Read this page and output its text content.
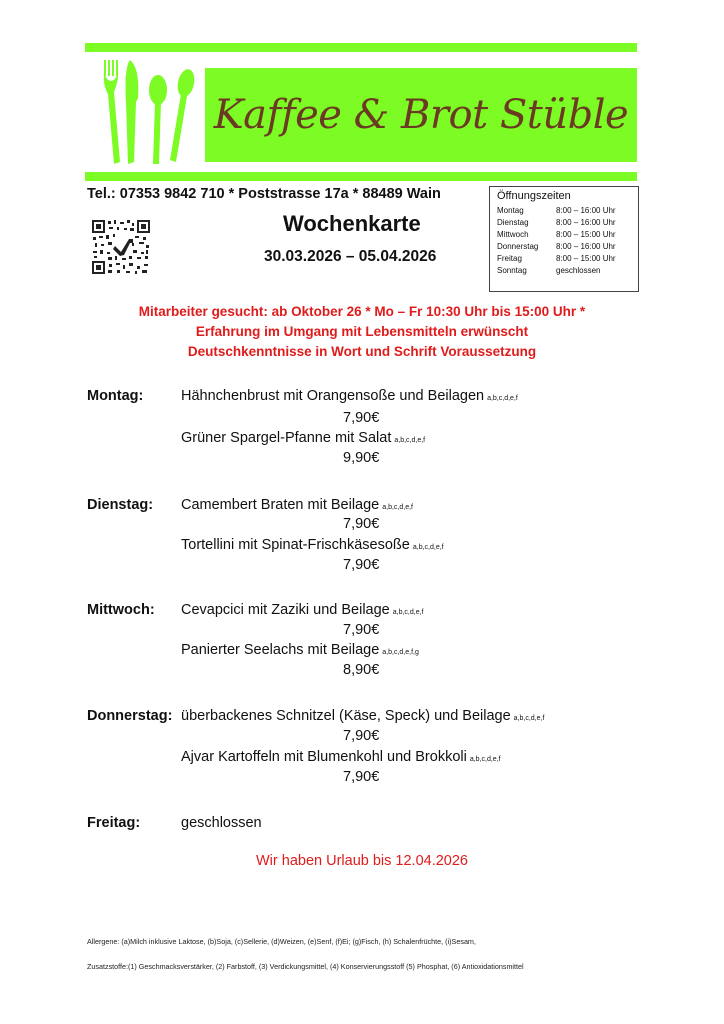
Kaffee & Brot Stüble
Tel.: 07353 9842 710 * Poststrasse 17a * 88489 Wain
Wochenkarte
30.03.2026 – 05.04.2026
Öffnungszeiten
Montag	8:00 – 16:00 Uhr
Dienstag	8:00 – 16:00 Uhr
Mittwoch	8:00 – 15:00 Uhr
Donnerstag	8:00 – 16:00 Uhr
Freitag	8:00 – 15:00 Uhr
Sonntag	geschlossen
Mitarbeiter gesucht: ab Oktober 26 * Mo – Fr 10:30 Uhr bis 15:00 Uhr *
Erfahrung im Umgang mit Lebensmitteln erwünscht
Deutschkenntnisse in Wort und Schrift Voraussetzung
Montag:	Hähnchenbrust mit Orangensoße und Beilagen a,b,c,d,e,f
7,90€
Grüner Spargel-Pfanne mit Salat a,b,c,d,e,f
9,90€
Dienstag: Camembert Braten mit Beilage a,b,c,d,e,f
7,90€
Tortellini mit Spinat-Frischkäsesoße a,b,c,d,e,f
7,90€
Mittwoch: Cevapcici mit Zaziki und Beilage a,b,c,d,e,f
7,90€
Panierter Seelachs mit Beilage a,b,c,d,e,f,g
8,90€
Donnerstag: überbackenes Schnitzel (Käse, Speck) und Beilage a,b,c,d,e,f
7,90€
Ajvar Kartoffeln mit Blumenkohl und Brokkoli a,b,c,d,e,f
7,90€
Freitag:	geschlossen
Wir haben Urlaub bis 12.04.2026
Allergene: (a)Milch inklusive Laktose, (b)Soja, (c)Sellerie, (d)Weizen, (e)Senf, (f)Ei; (g)Fisch, (h) Schalenfrüchte, (i)Sesam,
Zusatzstoffe:(1) Geschmacksverstärker, (2) Farbstoff, (3) Verdickungsmittel, (4) Konservierungsstoff (5) Phosphat, (6) Antioxidationsmittel
